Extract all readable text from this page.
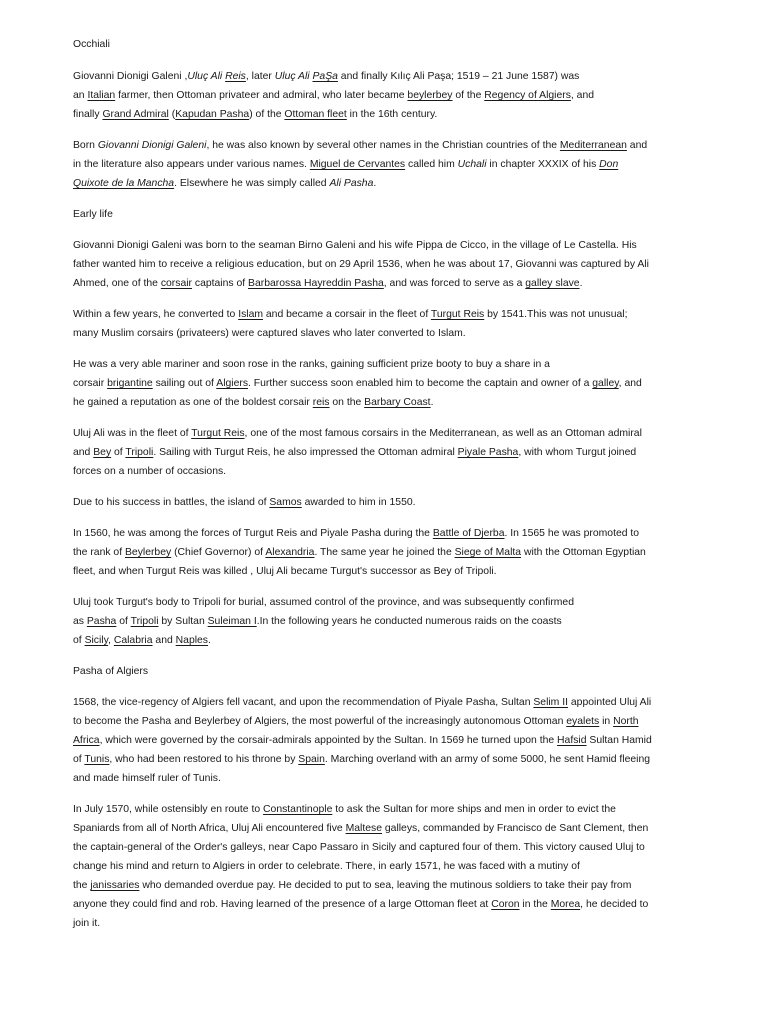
Occhiali
Giovanni Dionigi Galeni ,Uluç Ali Reis, later Uluç Ali PaŞa and finally Kılıç Ali Paşa; 1519 – 21 June 1587) was
an Italian farmer, then Ottoman privateer and admiral, who later became beylerbey of the Regency of Algiers, and
finally Grand Admiral (Kapudan Pasha) of the Ottoman fleet in the 16th century.
Born Giovanni Dionigi Galeni, he was also known by several other names in the Christian countries of the Mediterranean and
in the literature also appears under various names. Miguel de Cervantes called him Uchali in chapter XXXIX of his Don
Quixote de la Mancha. Elsewhere he was simply called Ali Pasha.
Early life
Giovanni Dionigi Galeni was born to the seaman Birno Galeni and his wife Pippa de Cicco, in the village of Le Castella. His
father wanted him to receive a religious education, but on 29 April 1536, when he was about 17, Giovanni was captured by Ali
Ahmed, one of the corsair captains of Barbarossa Hayreddin Pasha, and was forced to serve as a galley slave.
Within a few years, he converted to Islam and became a corsair in the fleet of Turgut Reis by 1541.This was not unusual;
many Muslim corsairs (privateers) were captured slaves who later converted to Islam.
He was a very able mariner and soon rose in the ranks, gaining sufficient prize booty to buy a share in a
corsair brigantine sailing out of Algiers. Further success soon enabled him to become the captain and owner of a galley, and
he gained a reputation as one of the boldest corsair reis on the Barbary Coast.
Uluj Ali was in the fleet of Turgut Reis, one of the most famous corsairs in the Mediterranean, as well as an Ottoman admiral
and Bey of Tripoli. Sailing with Turgut Reis, he also impressed the Ottoman admiral Piyale Pasha, with whom Turgut joined
forces on a number of occasions.
Due to his success in battles, the island of Samos awarded to him in 1550.
In 1560, he was among the forces of Turgut Reis and Piyale Pasha during the Battle of Djerba. In 1565 he was promoted to
the rank of Beylerbey (Chief Governor) of Alexandria. The same year he joined the Siege of Malta with the Ottoman Egyptian
fleet, and when Turgut Reis was killed , Uluj Ali became Turgut's successor as Bey of Tripoli.
Uluj took Turgut's body to Tripoli for burial, assumed control of the province, and was subsequently confirmed
as Pasha of Tripoli by Sultan Suleiman I.In the following years he conducted numerous raids on the coasts
of Sicily, Calabria and Naples.
Pasha of Algiers
1568, the vice-regency of Algiers fell vacant, and upon the recommendation of Piyale Pasha, Sultan Selim II appointed Uluj Ali
to become the Pasha and Beylerbey of Algiers, the most powerful of the increasingly autonomous Ottoman eyalets in North
Africa, which were governed by the corsair-admirals appointed by the Sultan. In 1569 he turned upon the Hafsid Sultan Hamid
of Tunis, who had been restored to his throne by Spain. Marching overland with an army of some 5000, he sent Hamid fleeing
and made himself ruler of Tunis.
In July 1570, while ostensibly en route to Constantinople to ask the Sultan for more ships and men in order to evict the
Spaniards from all of North Africa, Uluj Ali encountered five Maltese galleys, commanded by Francisco de Sant Clement, then
the captain-general of the Order's galleys, near Capo Passaro in Sicily and captured four of them. This victory caused Uluj to
change his mind and return to Algiers in order to celebrate. There, in early 1571, he was faced with a mutiny of
the janissaries who demanded overdue pay. He decided to put to sea, leaving the mutinous soldiers to take their pay from
anyone they could find and rob. Having learned of the presence of a large Ottoman fleet at Coron in the Morea, he decided to
join it.
